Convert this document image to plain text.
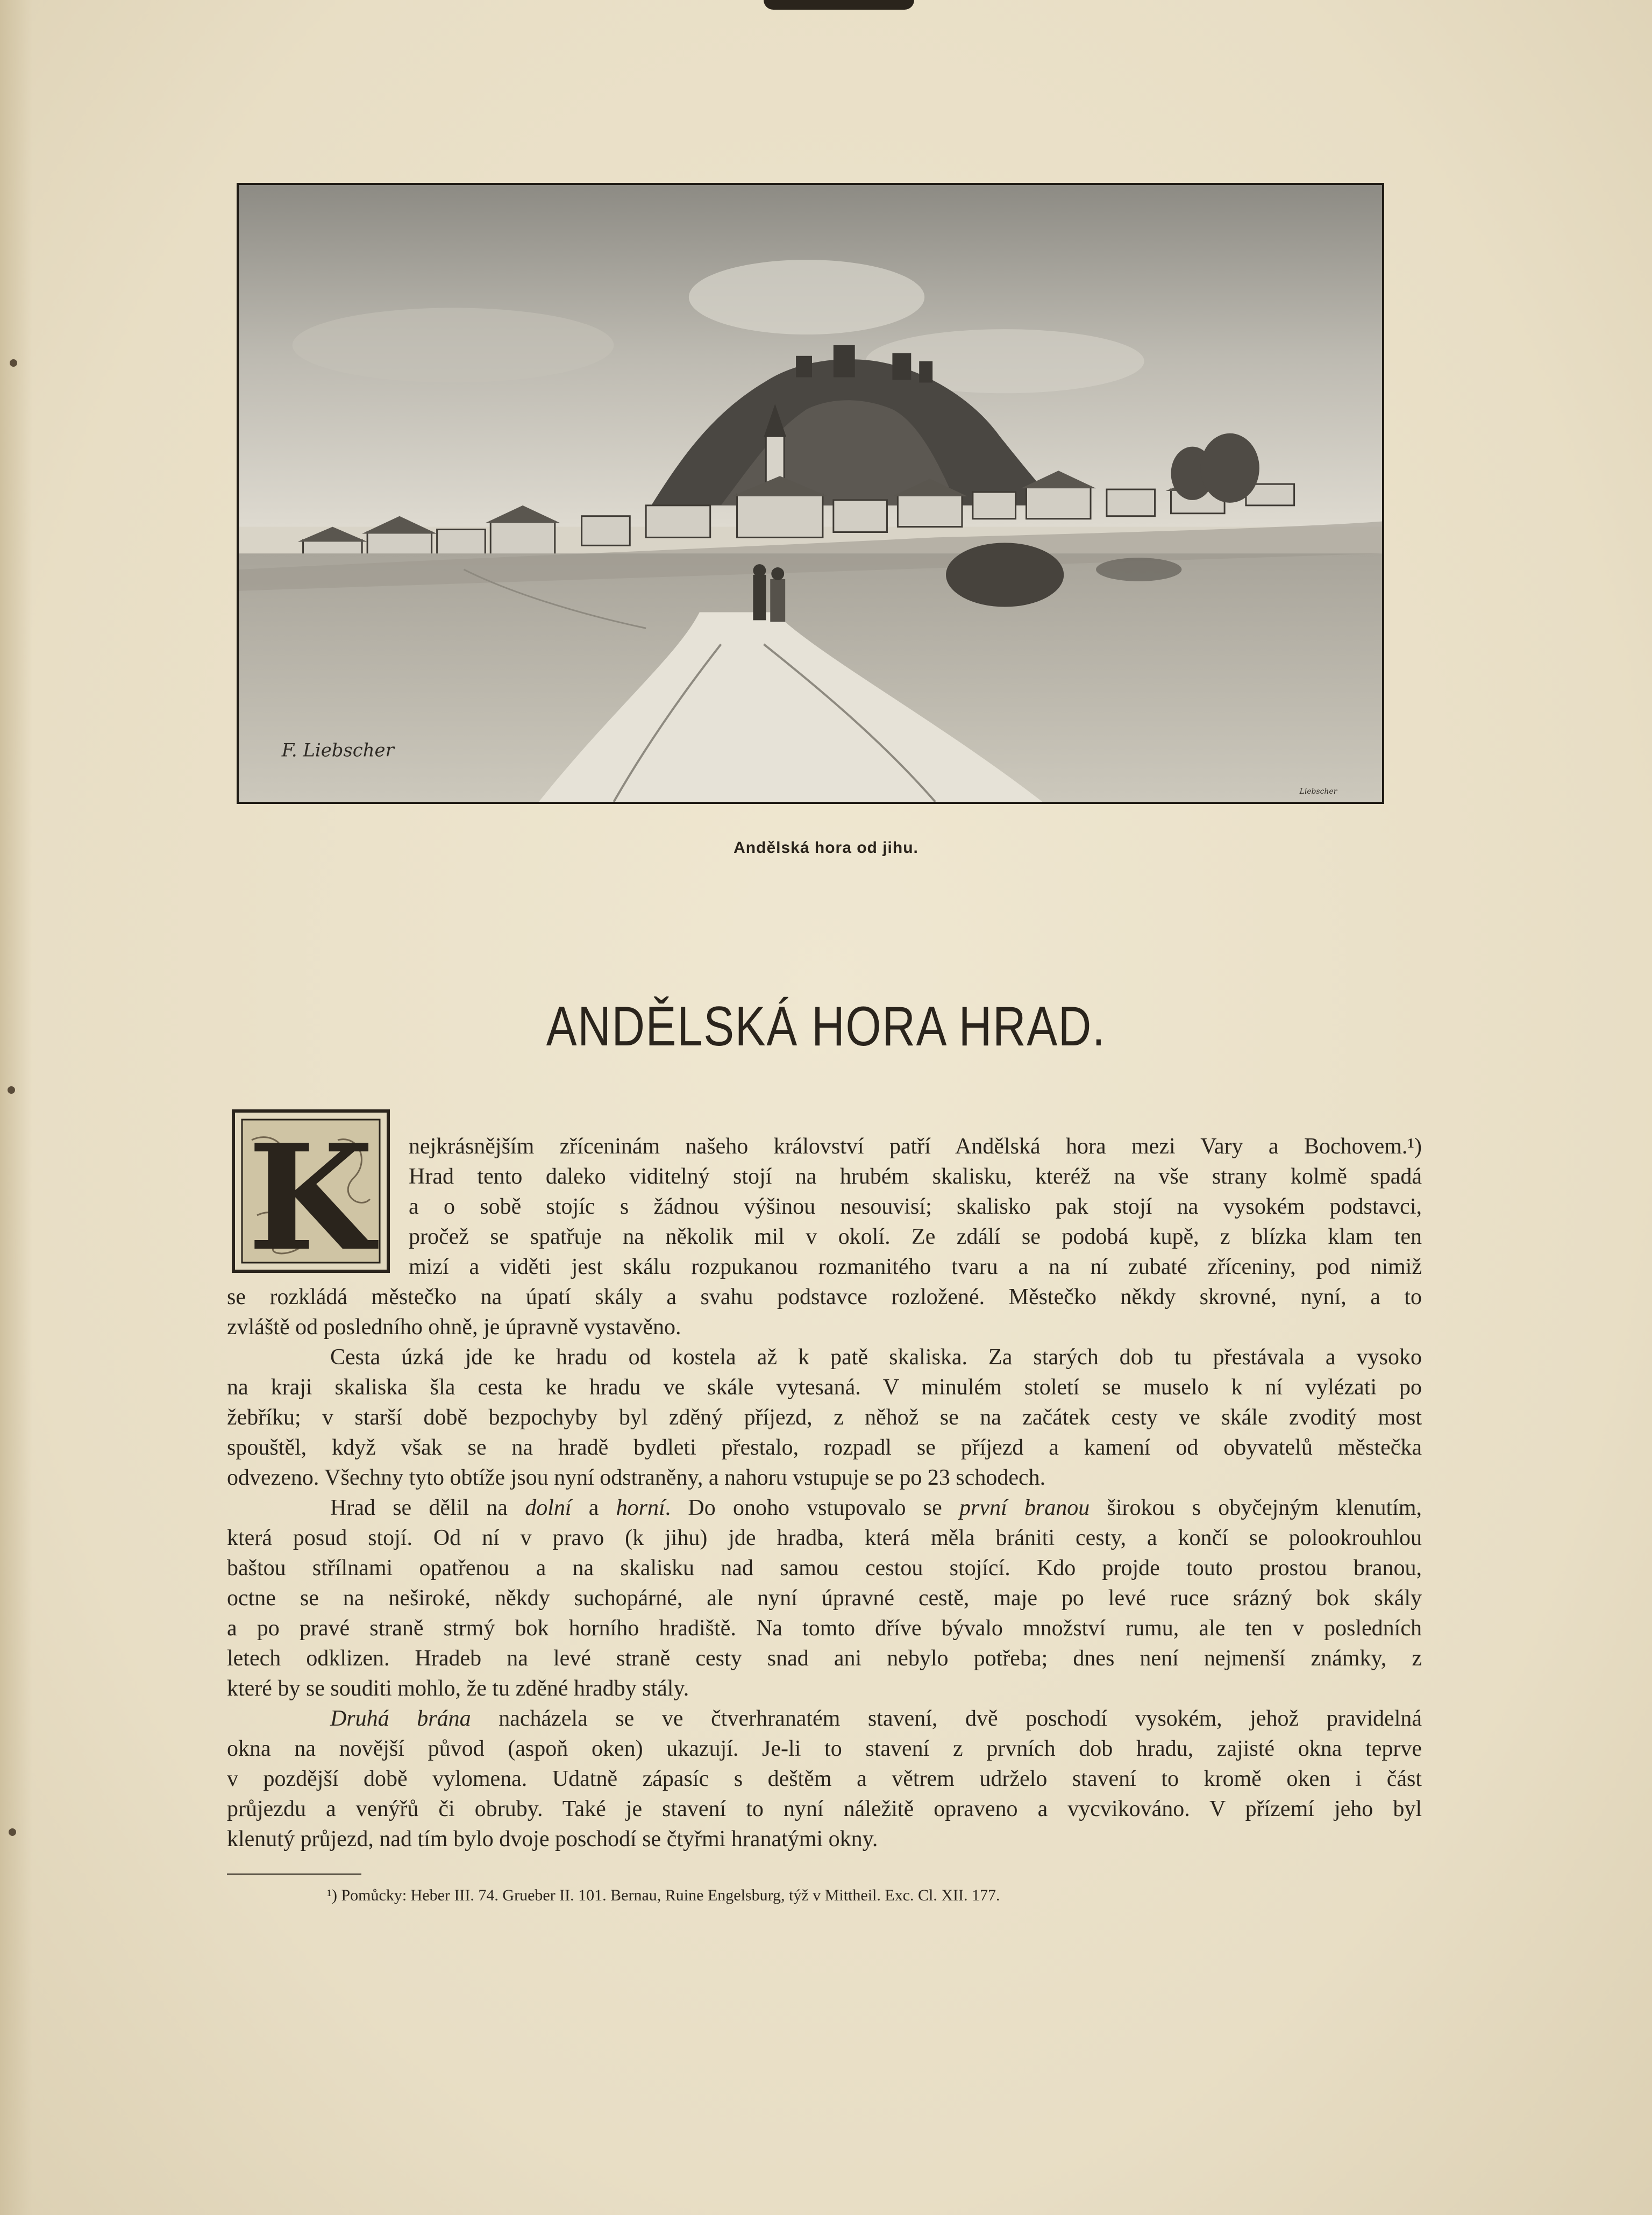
F. Liebscher
Liebscher
Andělská hora od jihu.
ANDĚLSKÁ HORA HRAD.
K nejkrásnějším zříceninám našeho království patří Andělská hora mezi Vary a Bochovem.¹)
Hrad tento daleko viditelný stojí na hrubém skalisku, kteréž na vše strany kolmě spadá
a o sobě stojíc s žádnou výšinou nesouvisí; skalisko pak stojí na vysokém podstavci,
pročež se spatřuje na několik mil v okolí. Ze zdálí se podobá kupě, z blízka klam ten
mizí a viděti jest skálu rozpukanou rozmanitého tvaru a na ní zubaté zříceniny, pod nimiž
se rozkládá městečko na úpatí skály a svahu podstavce rozložené. Městečko někdy skrovné, nyní, a to
zvláště od posledního ohně, je úpravně vystavěno.
Cesta úzká jde ke hradu od kostela až k patě skaliska. Za starých dob tu přestávala a vysoko
na kraji skaliska šla cesta ke hradu ve skále vytesaná. V minulém století se muselo k ní vylézati po
žebříku; v starší době bezpochyby byl zděný příjezd, z něhož se na začátek cesty ve skále zvoditý most
spouštěl, když však se na hradě bydleti přestalo, rozpadl se příjezd a kamení od obyvatelů městečka
odvezeno. Všechny tyto obtíže jsou nyní odstraněny, a nahoru vstupuje se po 23 schodech.
Hrad se dělil na dolní a horní. Do onoho vstupovalo se první branou širokou s obyčejným klenutím,
která posud stojí. Od ní v pravo (k jihu) jde hradba, která měla brániti cesty, a končí se polookrouhlou
baštou střílnami opatřenou a na skalisku nad samou cestou stojící. Kdo projde touto prostou branou,
octne se na neširoké, někdy suchopárné, ale nyní úpravné cestě, maje po levé ruce srázný bok skály
a po pravé straně strmý bok horního hradiště. Na tomto dříve bývalo množství rumu, ale ten v posledních
letech odklizen. Hradeb na levé straně cesty snad ani nebylo potřeba; dnes není nejmenší známky, z
které by se souditi mohlo, že tu zděné hradby stály.
Druhá brána nacházela se ve čtverhranatém stavení, dvě poschodí vysokém, jehož pravidelná
okna na novější původ (aspoň oken) ukazují. Je-li to stavení z prvních dob hradu, zajisté okna teprve
v pozdější době vylomena. Udatně zápasíc s deštěm a větrem udrželo stavení to kromě oken i část
průjezdu a venýřů či obruby. Také je stavení to nyní náležitě opraveno a vycvikováno. V přízemí jeho byl
klenutý průjezd, nad tím bylo dvoje poschodí se čtyřmi hranatými okny.
¹) Pomůcky: Heber III. 74. Grueber II. 101. Bernau, Ruine Engelsburg, týž v Mittheil. Exc. Cl. XII. 177.
